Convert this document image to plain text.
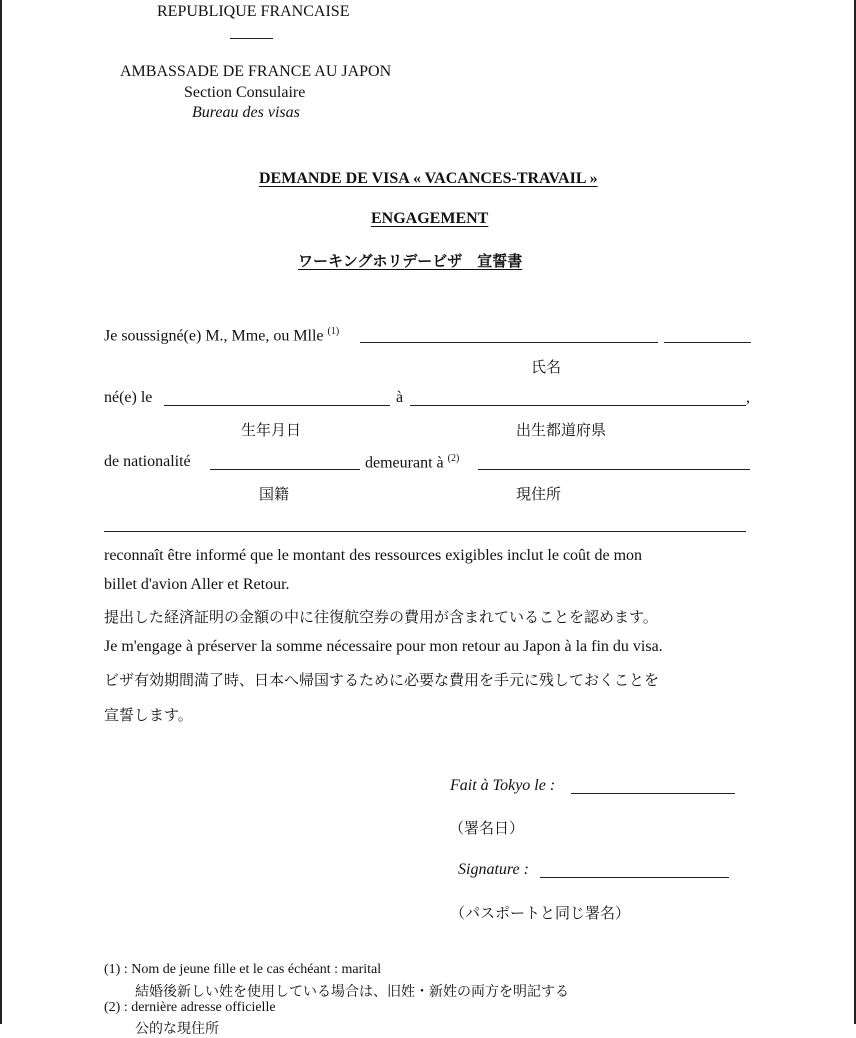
REPUBLIQUE FRANCAISE
AMBASSADE DE FRANCE AU JAPON
Section Consulaire
Bureau des visas
DEMANDE DE VISA « VACANCES-TRAVAIL »
ENGAGEMENT
ワーキングホリデービザ　宣誓書
Je soussigné(e) M., Mme, ou Mlle $^{(1)}$
氏名
né(e) le	à	,
生年月日	出生都道府県
de nationalité	demeurant à $^{(2)}$
国籍	現住所
reconnaît être informé que le montant des ressources exigibles inclut le coût de mon
billet d'avion Aller et Retour.
提出した経済証明の金額の中に往復航空券の費用が含まれていることを認めます。
Je m'engage à préserver la somme nécessaire pour mon retour au Japon à la fin du visa.
ビザ有効期間満了時、日本へ帰国するために必要な費用を手元に残しておくことを
宣誓します。
Fait à Tokyo le :
（署名日）
Signature :
（パスポートと同じ署名）
(1) : Nom de jeune fille et le cas échéant : marital
結婚後新しい姓を使用している場合は、旧姓・新姓の両方を明記する
(2) : dernière adresse officielle
公的な現住所
